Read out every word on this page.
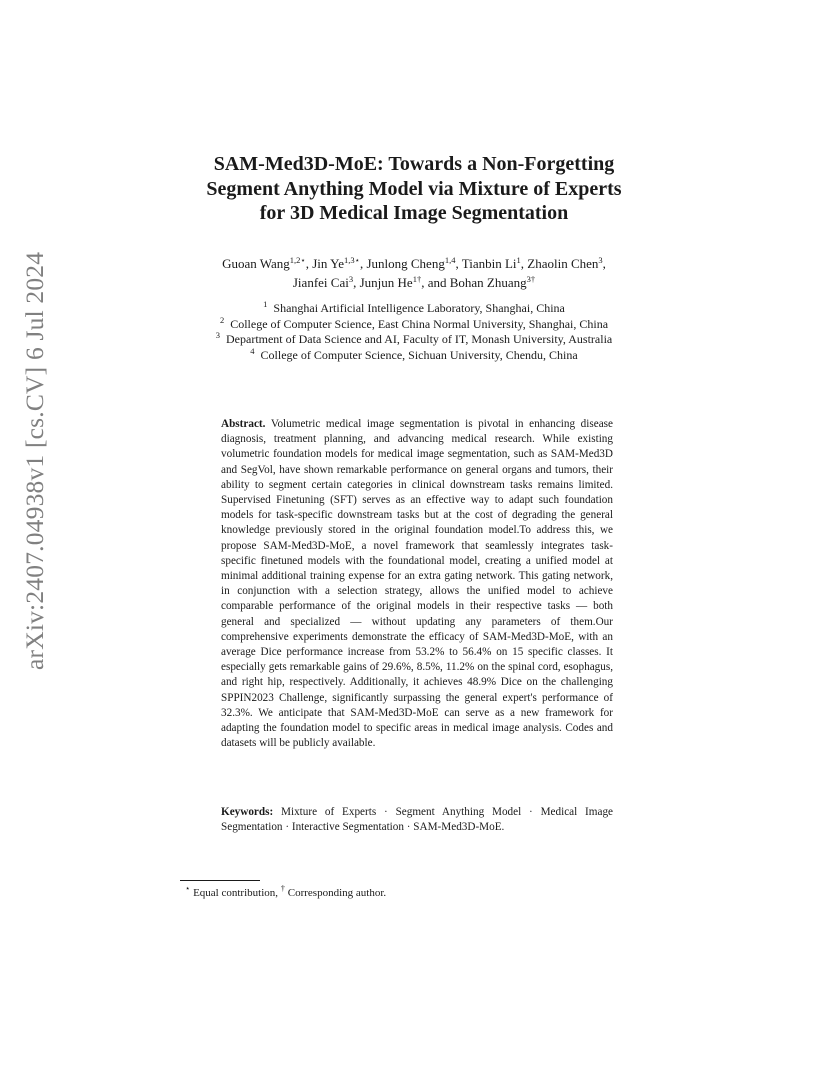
arXiv:2407.04938v1 [cs.CV] 6 Jul 2024
SAM-Med3D-MoE: Towards a Non-Forgetting
Segment Anything Model via Mixture of Experts
for 3D Medical Image Segmentation
Guoan Wang$^{1,2⋆}$, Jin $Ye^{1,3⋆}$, Junlong Cheng$^{1,4}$, Tianbin Li$^1$, Zhaolin Chen$^3$,
Jianfei Cai$^3$, Junjun $He^{1\dagger}$, and Bohan Zhuang$^{3\dagger}$
$^1$ Shanghai Artificial Intelligence Laboratory, Shanghai, China
$^2$ College of Computer Science, East China Normal University, Shanghai, China
$^3$ Department of Data Science and AI, Faculty of IT, Monash University, Australia
$^4$ College of Computer Science, Sichuan University, Chendu, China
Abstract. Volumetric medical image segmentation is pivotal in enhancing disease diagnosis, treatment planning, and advancing medical research. While existing volumetric foundation models for medical image segmentation, such as SAM-Med3D and SegVol, have shown remarkable performance on general organs and tumors, their ability to segment certain categories in clinical downstream tasks remains limited. Supervised Finetuning (SFT) serves as an effective way to adapt such foundation models for task-specific downstream tasks but at the cost of degrading the general knowledge previously stored in the original foundation model.To address this, we propose SAM-Med3D-MoE, a novel framework that seamlessly integrates task-specific finetuned models with the foundational model, creating a unified model at minimal additional training expense for an extra gating network. This gating network, in conjunction with a selection strategy, allows the unified model to achieve comparable performance of the original models in their respective tasks — both general and specialized — without updating any parameters of them.Our comprehensive experiments demonstrate the efficacy of SAM-Med3D-MoE, with an average Dice performance increase from 53.2% to 56.4% on 15 specific classes. It especially gets remarkable gains of 29.6%, 8.5%, 11.2% on the spinal cord, esophagus, and right hip, respectively. Additionally, it achieves 48.9% Dice on the challenging SPPIN2023 Challenge, significantly surpassing the general expert's performance of 32.3%. We anticipate that SAM-Med3D-MoE can serve as a new framework for adapting the foundation model to specific areas in medical image analysis. Codes and datasets will be publicly available.
Keywords: Mixture of Experts · Segment Anything Model · Medical Image Segmentation · Interactive Segmentation · SAM-Med3D-MoE.
⋆ Equal contribution, † Corresponding author.
